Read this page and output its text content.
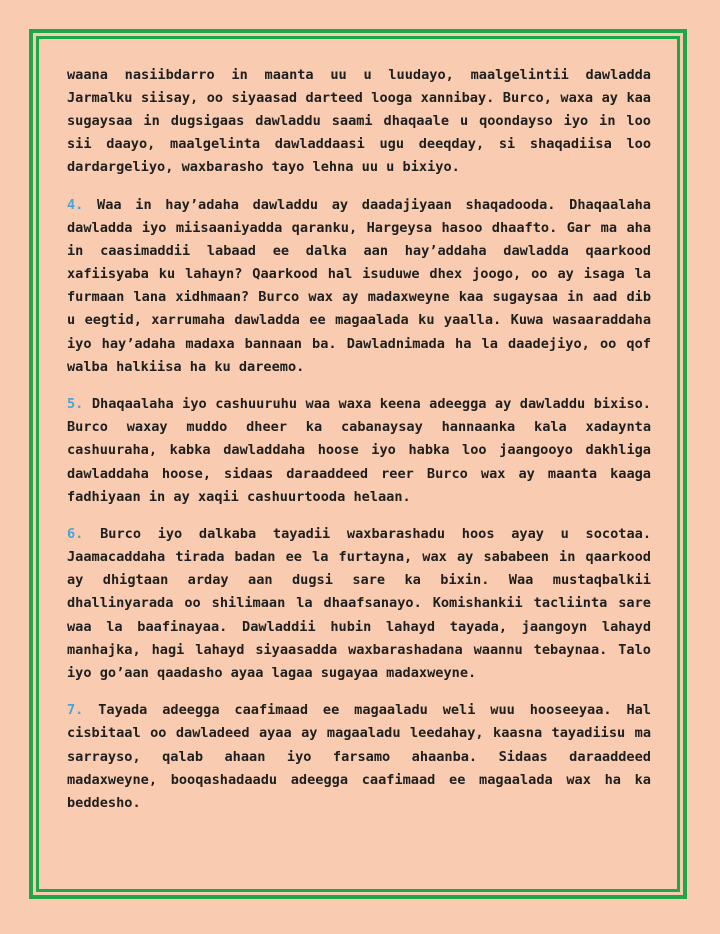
waana nasiibdarro in maanta uu u luudayo, maalgelintii dawladda Jarmalku siisay, oo siyaasad darteed looga xannibay. Burco, waxa ay kaa sugaysaa in dugsigaas dawladdu saami dhaqaale u qoondayso iyo in loo sii daayo, maalgelinta dawladdaasi ugu deeqday, si shaqadiisa loo dardargeliyo, waxbarasho tayo lehna uu u bixiyo.

4. Waa in hay’adaha dawladdu ay daadajiyaan shaqadooda. Dhaqaalaha dawladda iyo miisaaniyadda qaranku, Hargeysa hasoo dhaafto. Gar ma aha in caasimaddii labaad ee dalka aan hay’addaha dawladda qaarkood xafiisyaba ku lahayn? Qaarkood hal isuduwe dhex joogo, oo ay isaga la furmaan lana xidhmaan? Burco wax ay madaxweyne kaa sugaysaa in aad dib u eegtid, xarrumaha dawladda ee magaalada ku yaalla. Kuwa wasaaraddaha iyo hay’adaha madaxa bannaan ba. Dawladnimada ha la daadejiyo, oo qof walba halkiisa ha ku dareemo.

5. Dhaqaalaha iyo cashuuruhu waa waxa keena adeegga ay dawladdu bixiso. Burco waxay muddo dheer ka cabanaysay hannaanka kala xadaynta cashuuraha, kabka dawladdaha hoose iyo habka loo jaangooyo dakhliga dawladdaha hoose, sidaas daraaddeed reer Burco wax ay maanta kaaga fadhiyaan in ay xaqii cashuurtooda helaan.

6. Burco iyo dalkaba tayadii waxbarashadu hoos ayay u socotaa. Jaamacaddaha tirada badan ee la furtayna, wax ay sababeen in qaarkood ay dhigtaan arday aan dugsi sare ka bixin. Waa mustaqbalkii dhallinyarada oo shilimaan la dhaafsanayo. Komishankii tacliinta sare waa la baafinayaa. Dawladdii hubin lahayd tayada, jaangoyn lahayd manhajka, hagi lahayd siyaasadda waxbarashadana waannu tebaynaa. Talo iyo go’aan qaadasho ayaa lagaa sugayaa madaxweyne.

7. Tayada adeegga caafimaad ee magaaladu weli wuu hooseeyaa. Hal cisbitaal oo dawladeed ayaa ay magaaladu leedahay, kaasna tayadiisu ma sarrayso, qalab ahaan iyo farsamo ahaanba. Sidaas daraaddeed madaxweyne, booqashadaadu adeegga caafimaad ee magaalada wax ha ka beddesho.
